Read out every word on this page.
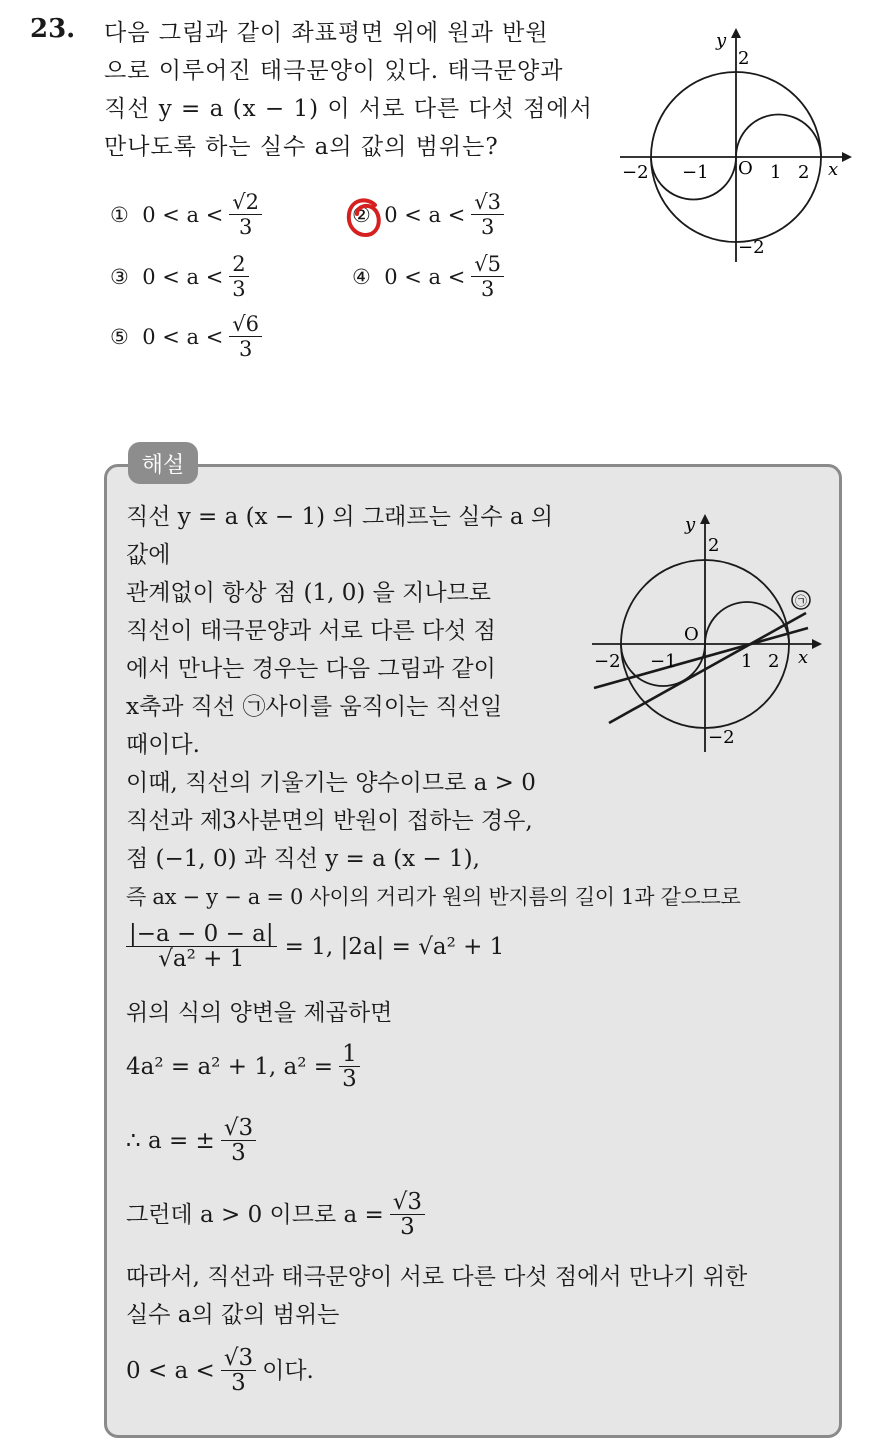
23. 다음 그림과 같이 좌표평면 위에 원과 반원
으로 이루어진 태극문양이 있다. 태극문양과
직선 y = a (x − 1) 이 서로 다른 다섯 점에서
만나도록 하는 실수 a의 값의 범위는?
①
$0 < a < \frac{√2}{3}$	②
$0 < a < \frac{√3}{3}$
③
$0 < a < \frac{2}{3}$	④
$0 < a < \frac{√5}{3}$
⑤
$0 < a < \frac{√6}{3}$
y
2
−2
x
−2 −1 O 1 2
해설
직선 y = a (x − 1) 의 그래프는 실수 a 의
값에
관계없이 항상 점 (1, 0) 을 지나므로
직선이 태극문양과 서로 다른 다섯 점
에서 만나는 경우는 다음 그림과 같이
x축과 직선 ㉠사이를 움직이는 직선일
때이다.
이때, 직선의 기울기는 양수이므로 a > 0
직선과 제3사분면의 반원이 접하는 경우,
점 (−1, 0) 과 직선 y = a (x − 1),
즉 ax − y − a = 0 사이의 거리가 원의 반지름의 길이 1과 같으므로
$\frac{|-a - 0 - a|}{\text{√a² + 1}} = 1$, |2a| = √a² + 1
위의 식의 양변을 제곱하면
4a² = a² + 1, $a^2 = \frac{1}{3}$
∴ a = ± $\frac{√3}{3}$
그런데 a > 0 이므로 $a = \frac{√3}{3}$
따라서, 직선과 태극문양이 서로 다른 다섯 점에서 만나기 위한
실수 a의 값의 범위는
$0 < a < \frac{√3}{3}$ 이다.
㉠
y
2
−2
O
−2 −1	1 2 x
